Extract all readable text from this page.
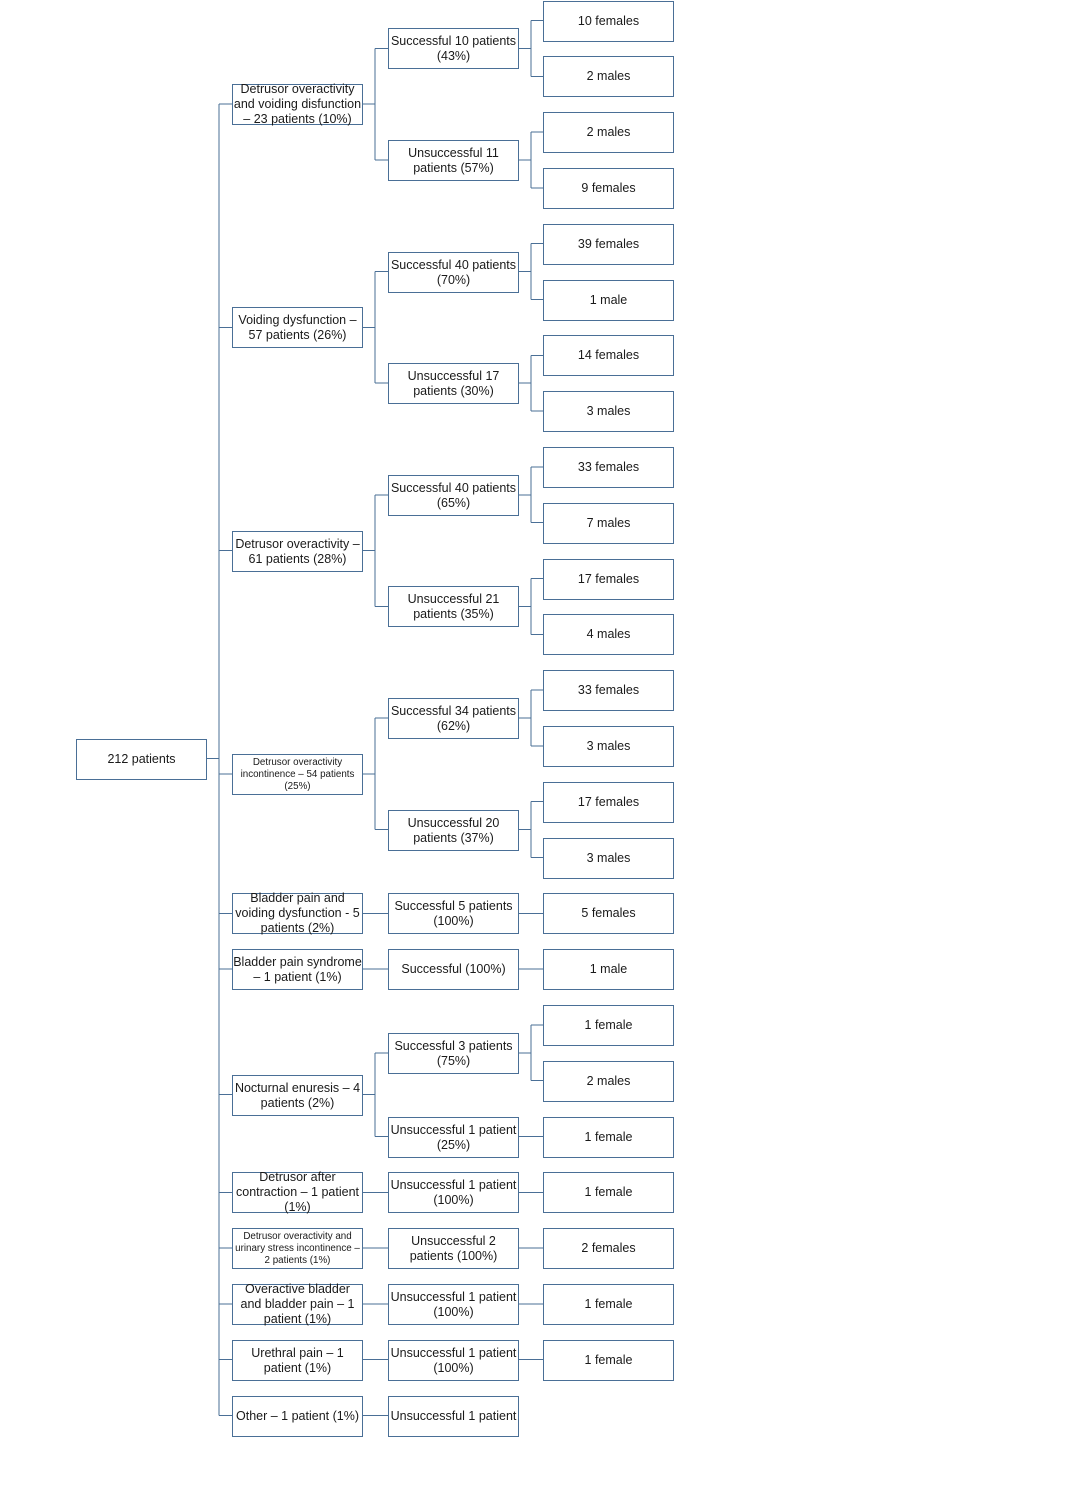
10 females
2 males
Successful 10 patients (43%)
2 males
9 females
Unsuccessful 11 patients (57%)
Detrusor overactivity and voiding disfunction – 23 patients (10%)
39 females
1 male
Successful 40 patients (70%)
14 females
3 males
Unsuccessful 17 patients (30%)
Voiding dysfunction – 57 patients (26%)
33 females
7 males
Successful 40 patients (65%)
17 females
4 males
Unsuccessful 21 patients (35%)
Detrusor overactivity – 61 patients (28%)
33 females
3 males
Successful 34 patients (62%)
17 females
3 males
Unsuccessful 20 patients (37%)
Detrusor overactivity incontinence – 54 patients (25%)
5 females
Successful 5 patients (100%)
Bladder pain and voiding dysfunction - 5 patients (2%)
1 male
Successful (100%)
Bladder pain syndrome – 1 patient (1%)
1 female
2 males
Successful 3 patients (75%)
1 female
Unsuccessful 1 patient (25%)
Nocturnal enuresis – 4 patients (2%)
1 female
Unsuccessful 1 patient (100%)
Detrusor after contraction – 1 patient (1%)
2 females
Unsuccessful 2 patients (100%)
Detrusor overactivity and urinary stress incontinence – 2 patients (1%)
1 female
Unsuccessful 1 patient (100%)
Overactive bladder and bladder pain – 1 patient (1%)
1 female
Unsuccessful 1 patient (100%)
Urethral pain – 1 patient (1%)
Unsuccessful 1 patient
Other – 1 patient (1%)
212 patients
